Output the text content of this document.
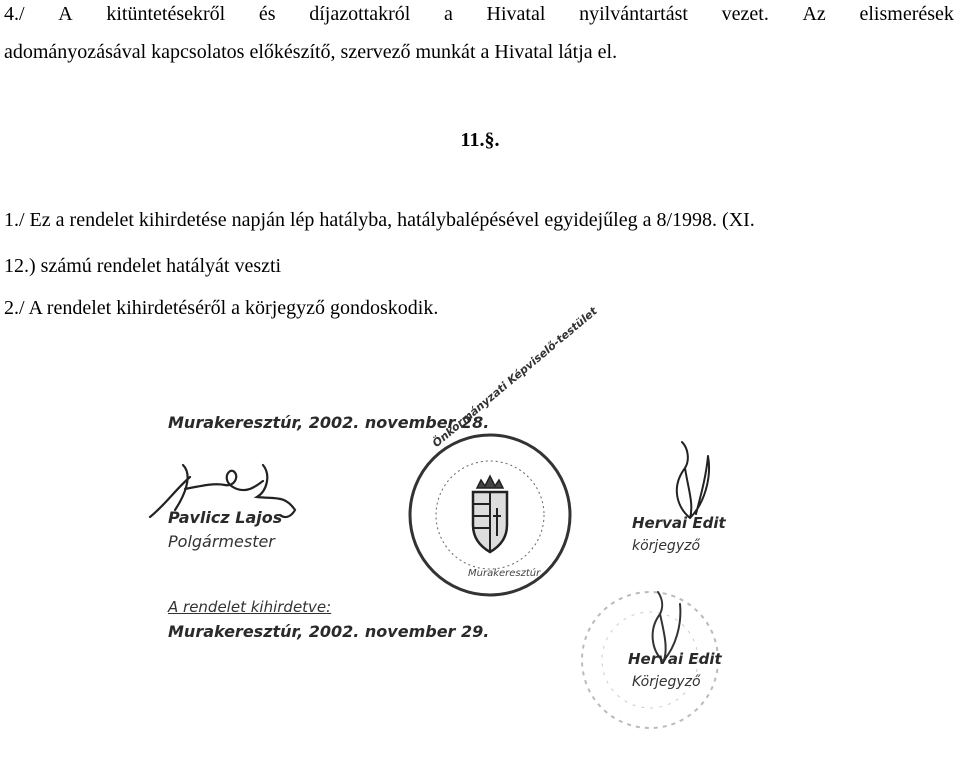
4./ A kitüntetésekről és díjazottakról a Hivatal nyilvántartást vezet. Az elismerések
adományozásával kapcsolatos előkészítő, szervező munkát a Hivatal látja el.
11.§.
1./ Ez a rendelet kihirdetése napján lép hatályba, hatálybalépésével egyidejűleg a 8/1998. (XI.
12.) számú rendelet hatályát veszti
2./ A rendelet kihirdetéséről a körjegyző gondoskodik.
Murakeresztúr, 2002. november 28.
Pavlicz Lajos
Polgármester
Önkormányzati Képviselő-testület
Murakeresztúr
Hervai Edit
körjegyző
A rendelet kihirdetve:
Murakeresztúr, 2002. november 29.
Hervai Edit
Körjegyző
